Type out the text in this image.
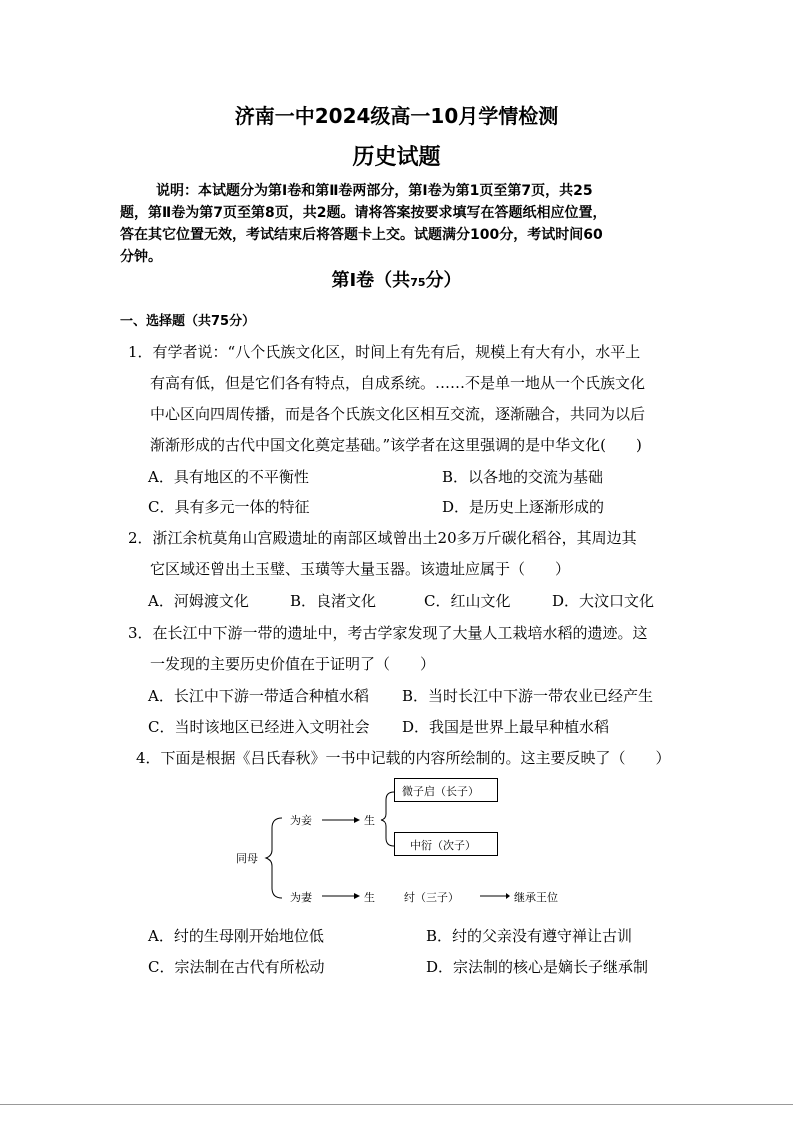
济南一中2024级高一10月学情检测
历史试题
说明：本试题分为第Ⅰ卷和第Ⅱ卷两部分，第Ⅰ卷为第1页至第7页，共25
题，第Ⅱ卷为第7页至第8页，共2题。请将答案按要求填写在答题纸相应位置，
答在其它位置无效，考试结束后将答题卡上交。试题满分100分，考试时间60
分钟。
第Ⅰ卷（共75分）
一、选择题（共75分）
1．有学者说：“八个氏族文化区，时间上有先有后，规模上有大有小，水平上
有高有低，但是它们各有特点，自成系统。……不是单一地从一个氏族文化
中心区向四周传播，而是各个氏族文化区相互交流，逐渐融合，共同为以后
渐渐形成的古代中国文化奠定基础。”该学者在这里强调的是中华文化(　　)
A．具有地区的不平衡性	B．以各地的交流为基础
C．具有多元一体的特征	D．是历史上逐渐形成的
2．浙江余杭莫角山宫殿遗址的南部区域曾出土20多万斤碳化稻谷，其周边其
它区域还曾出土玉璧、玉璜等大量玉器。该遗址应属于（　　）
A．河姆渡文化	B．良渚文化	C．红山文化	D．大汶口文化
3．在长江中下游一带的遗址中，考古学家发现了大量人工栽培水稻的遗迹。这
一发现的主要历史价值在于证明了（　　）
A．长江中下游一带适合种植水稻 B．当时长江中下游一带农业已经产生
C．当时该地区已经进入文明社会 D．我国是世界上最早种植水稻
4．下面是根据《吕氏春秋》一书中记载的内容所绘制的。这主要反映了（　　）
同母
为妾	生
微子启（长子）
中衍（次子）
为妻	生	纣（三子）	继承王位
A．纣的生母刚开始地位低	B．纣的父亲没有遵守禅让古训
C．宗法制在古代有所松动	D．宗法制的核心是嫡长子继承制
